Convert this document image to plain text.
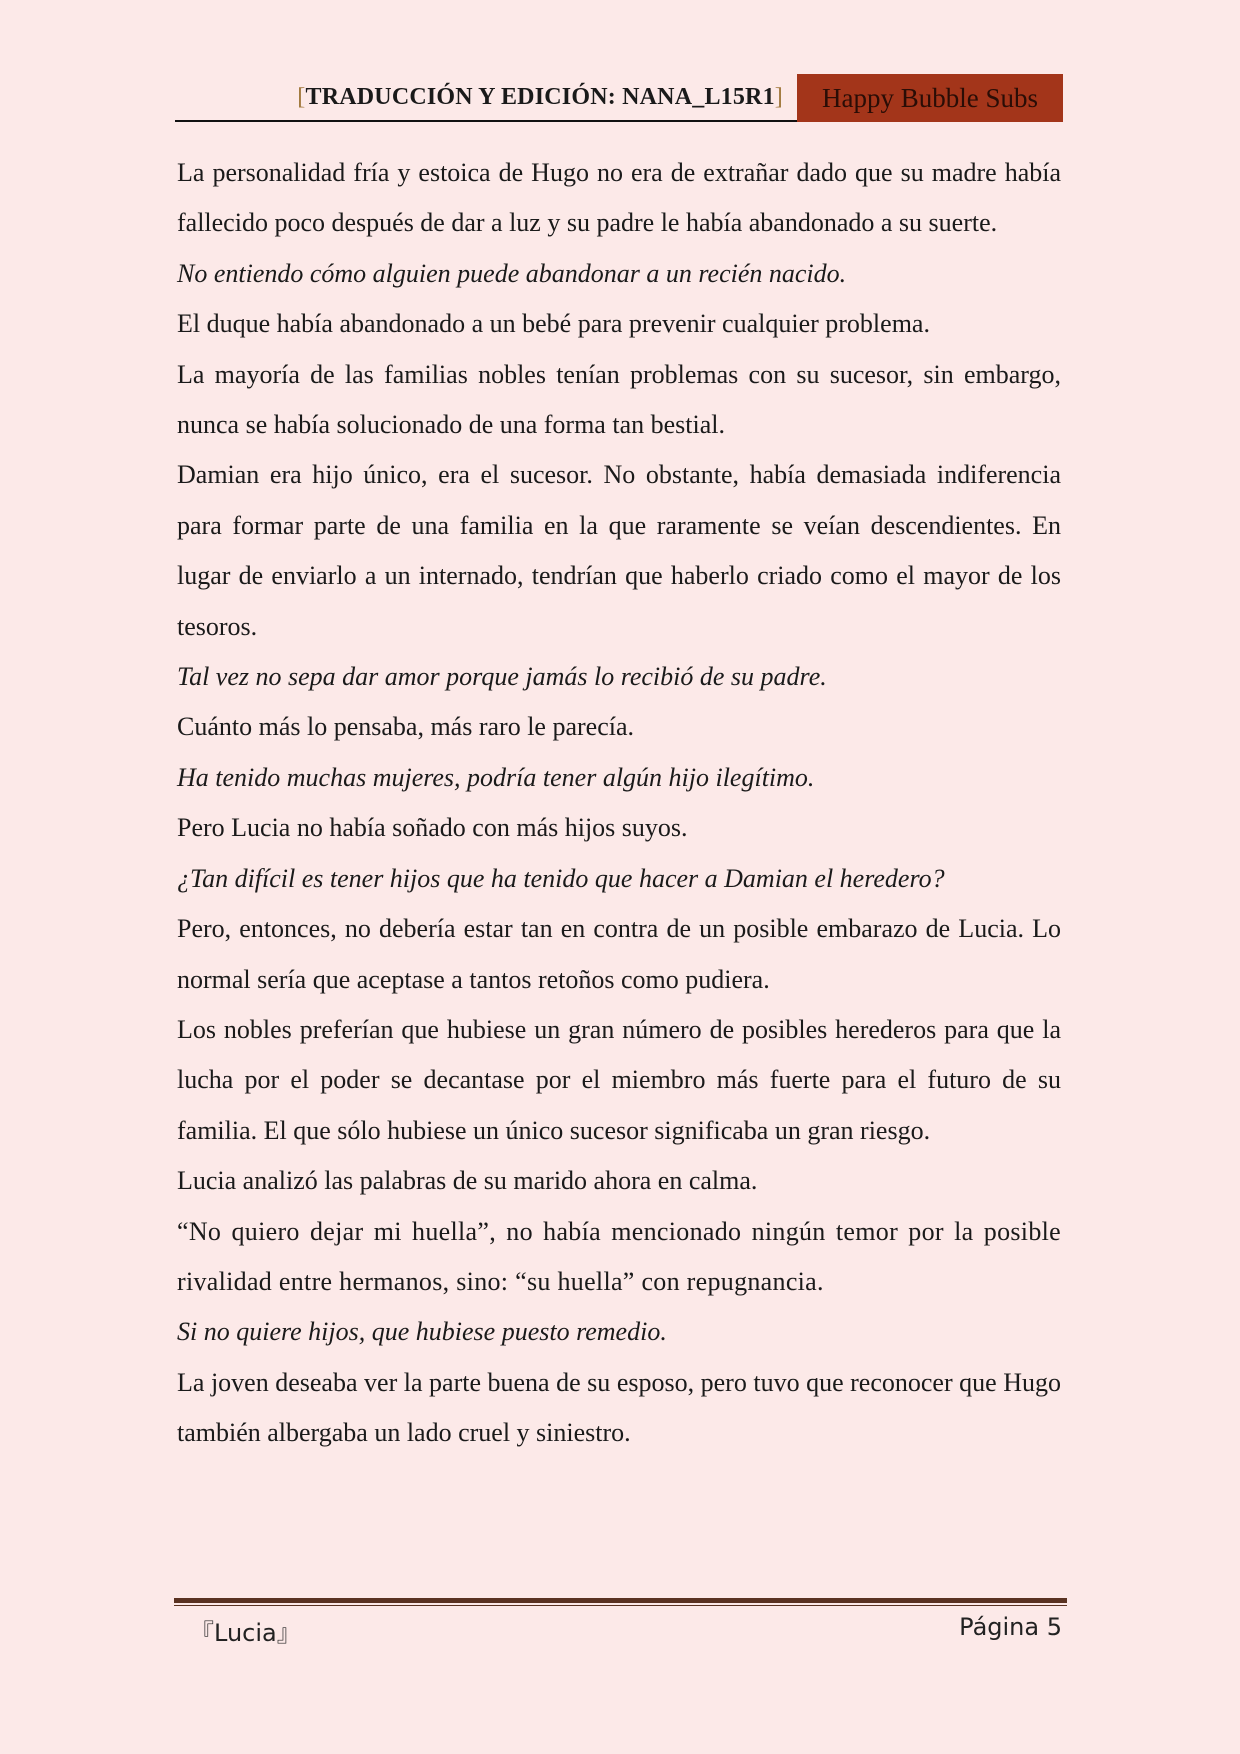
[TRADUCCIÓN Y EDICIÓN: NANA_L15R1]	Happy Bubble Subs

La personalidad fría y estoica de Hugo no era de extrañar dado que su madre había fallecido poco después de dar a luz y su padre le había abandonado a su suerte.

No entiendo cómo alguien puede abandonar a un recién nacido.

El duque había abandonado a un bebé para prevenir cualquier problema.

La mayoría de las familias nobles tenían problemas con su sucesor, sin embargo, nunca se había solucionado de una forma tan bestial.

Damian era hijo único, era el sucesor. No obstante, había demasiada indiferencia para formar parte de una familia en la que raramente se veían descendientes. En lugar de enviarlo a un internado, tendrían que haberlo criado como el mayor de los tesoros.

Tal vez no sepa dar amor porque jamás lo recibió de su padre.

Cuánto más lo pensaba, más raro le parecía.

Ha tenido muchas mujeres, podría tener algún hijo ilegítimo.

Pero Lucia no había soñado con más hijos suyos.

¿Tan difícil es tener hijos que ha tenido que hacer a Damian el heredero?

Pero, entonces, no debería estar tan en contra de un posible embarazo de Lucia. Lo normal sería que aceptase a tantos retoños como pudiera.

Los nobles preferían que hubiese un gran número de posibles herederos para que la lucha por el poder se decantase por el miembro más fuerte para el futuro de su familia. El que sólo hubiese un único sucesor significaba un gran riesgo.

Lucia analizó las palabras de su marido ahora en calma.

“No quiero dejar mi huella”, no había mencionado ningún temor por la posible rivalidad entre hermanos, sino: “su huella” con repugnancia.

Si no quiere hijos, que hubiese puesto remedio.

La joven deseaba ver la parte buena de su esposo, pero tuvo que reconocer que Hugo también albergaba un lado cruel y siniestro.

『Lucia』	Página 5
